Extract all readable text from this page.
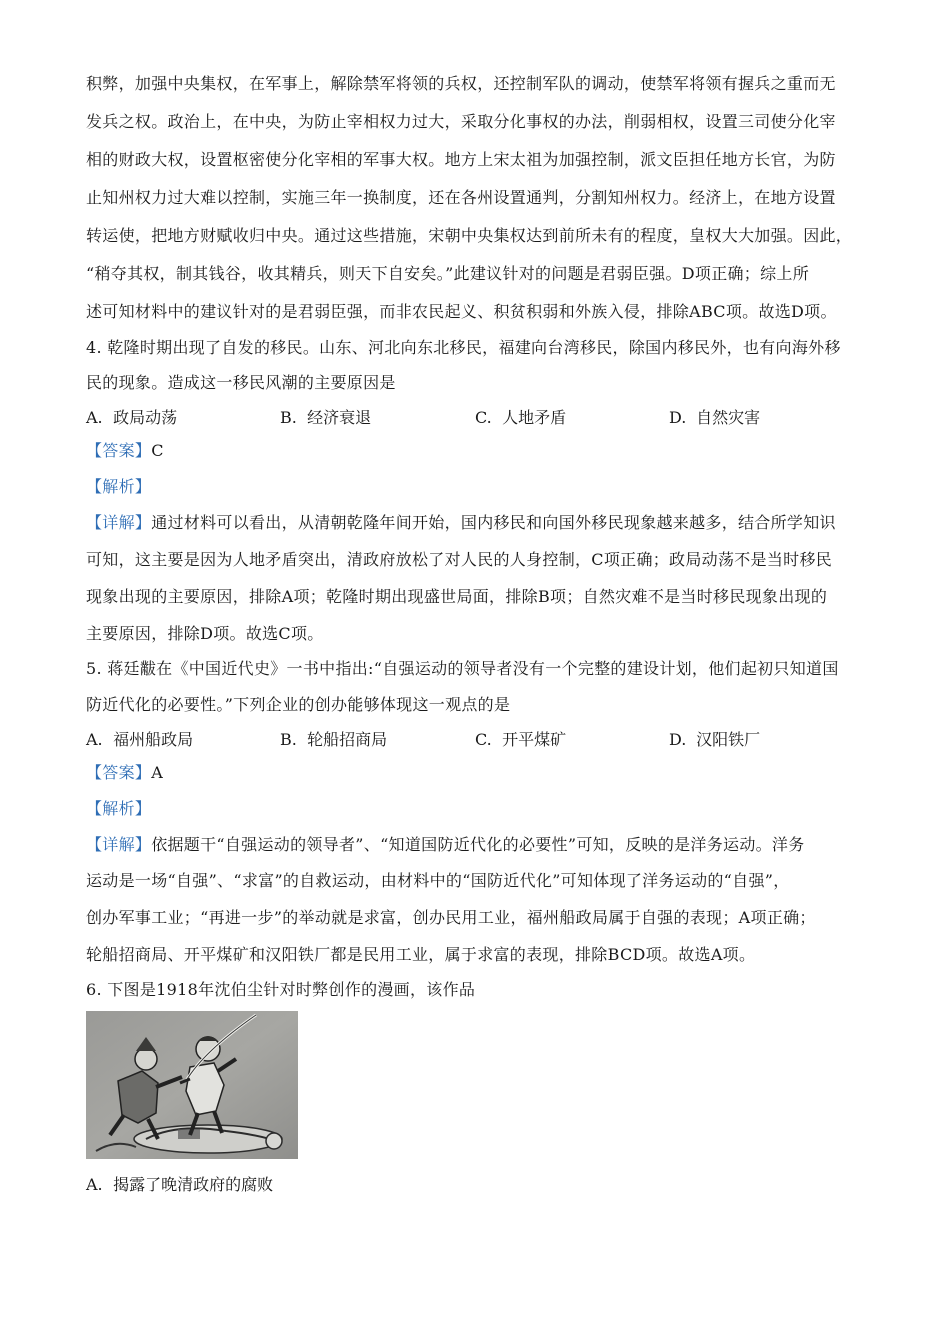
积弊，加强中央集权，在军事上，解除禁军将领的兵权，还控制军队的调动，使禁军将领有握兵之重而无
发兵之权。政治上，在中央，为防止宰相权力过大，采取分化事权的办法，削弱相权，设置三司使分化宰
相的财政大权，设置枢密使分化宰相的军事大权。地方上宋太祖为加强控制，派文臣担任地方长官，为防
止知州权力过大难以控制，实施三年一换制度，还在各州设置通判，分割知州权力。经济上，在地方设置
转运使，把地方财赋收归中央。通过这些措施，宋朝中央集权达到前所未有的程度，皇权大大加强。因此，
“稍夺其权，制其钱谷，收其精兵，则天下自安矣。”此建议针对的问题是君弱臣强。D项正确；综上所
述可知材料中的建议针对的是君弱臣强，而非农民起义、积贫积弱和外族入侵，排除ABC项。故选D项。
4. 乾隆时期出现了自发的移民。山东、河北向东北移民，福建向台湾移民，除国内移民外，也有向海外移
民的现象。造成这一移民风潮的主要原因是
A. 政局动荡	B. 经济衰退	C. 人地矛盾	D. 自然灾害
【答案】C
【解析】
【详解】通过材料可以看出，从清朝乾隆年间开始，国内移民和向国外移民现象越来越多，结合所学知识
可知，这主要是因为人地矛盾突出，清政府放松了对人民的人身控制，C项正确；政局动荡不是当时移民
现象出现的主要原因，排除A项；乾隆时期出现盛世局面，排除B项；自然灾难不是当时移民现象出现的
主要原因，排除D项。故选C项。
5. 蒋廷黻在《中国近代史》一书中指出:“自强运动的领导者没有一个完整的建设计划，他们起初只知道国
防近代化的必要性。”下列企业的创办能够体现这一观点的是
A. 福州船政局	B. 轮船招商局	C. 开平煤矿	D. 汉阳铁厂
【答案】A
【解析】
【详解】依据题干“自强运动的领导者”、“知道国防近代化的必要性”可知，反映的是洋务运动。洋务
运动是一场“自强”、“求富”的自救运动，由材料中的“国防近代化”可知体现了洋务运动的“自强”，
创办军事工业；“再进一步”的举动就是求富，创办民用工业，福州船政局属于自强的表现；A项正确；
轮船招商局、开平煤矿和汉阳铁厂都是民用工业，属于求富的表现，排除BCD项。故选A项。
6. 下图是1918年沈伯尘针对时弊创作的漫画，该作品
A. 揭露了晚清政府的腐败
